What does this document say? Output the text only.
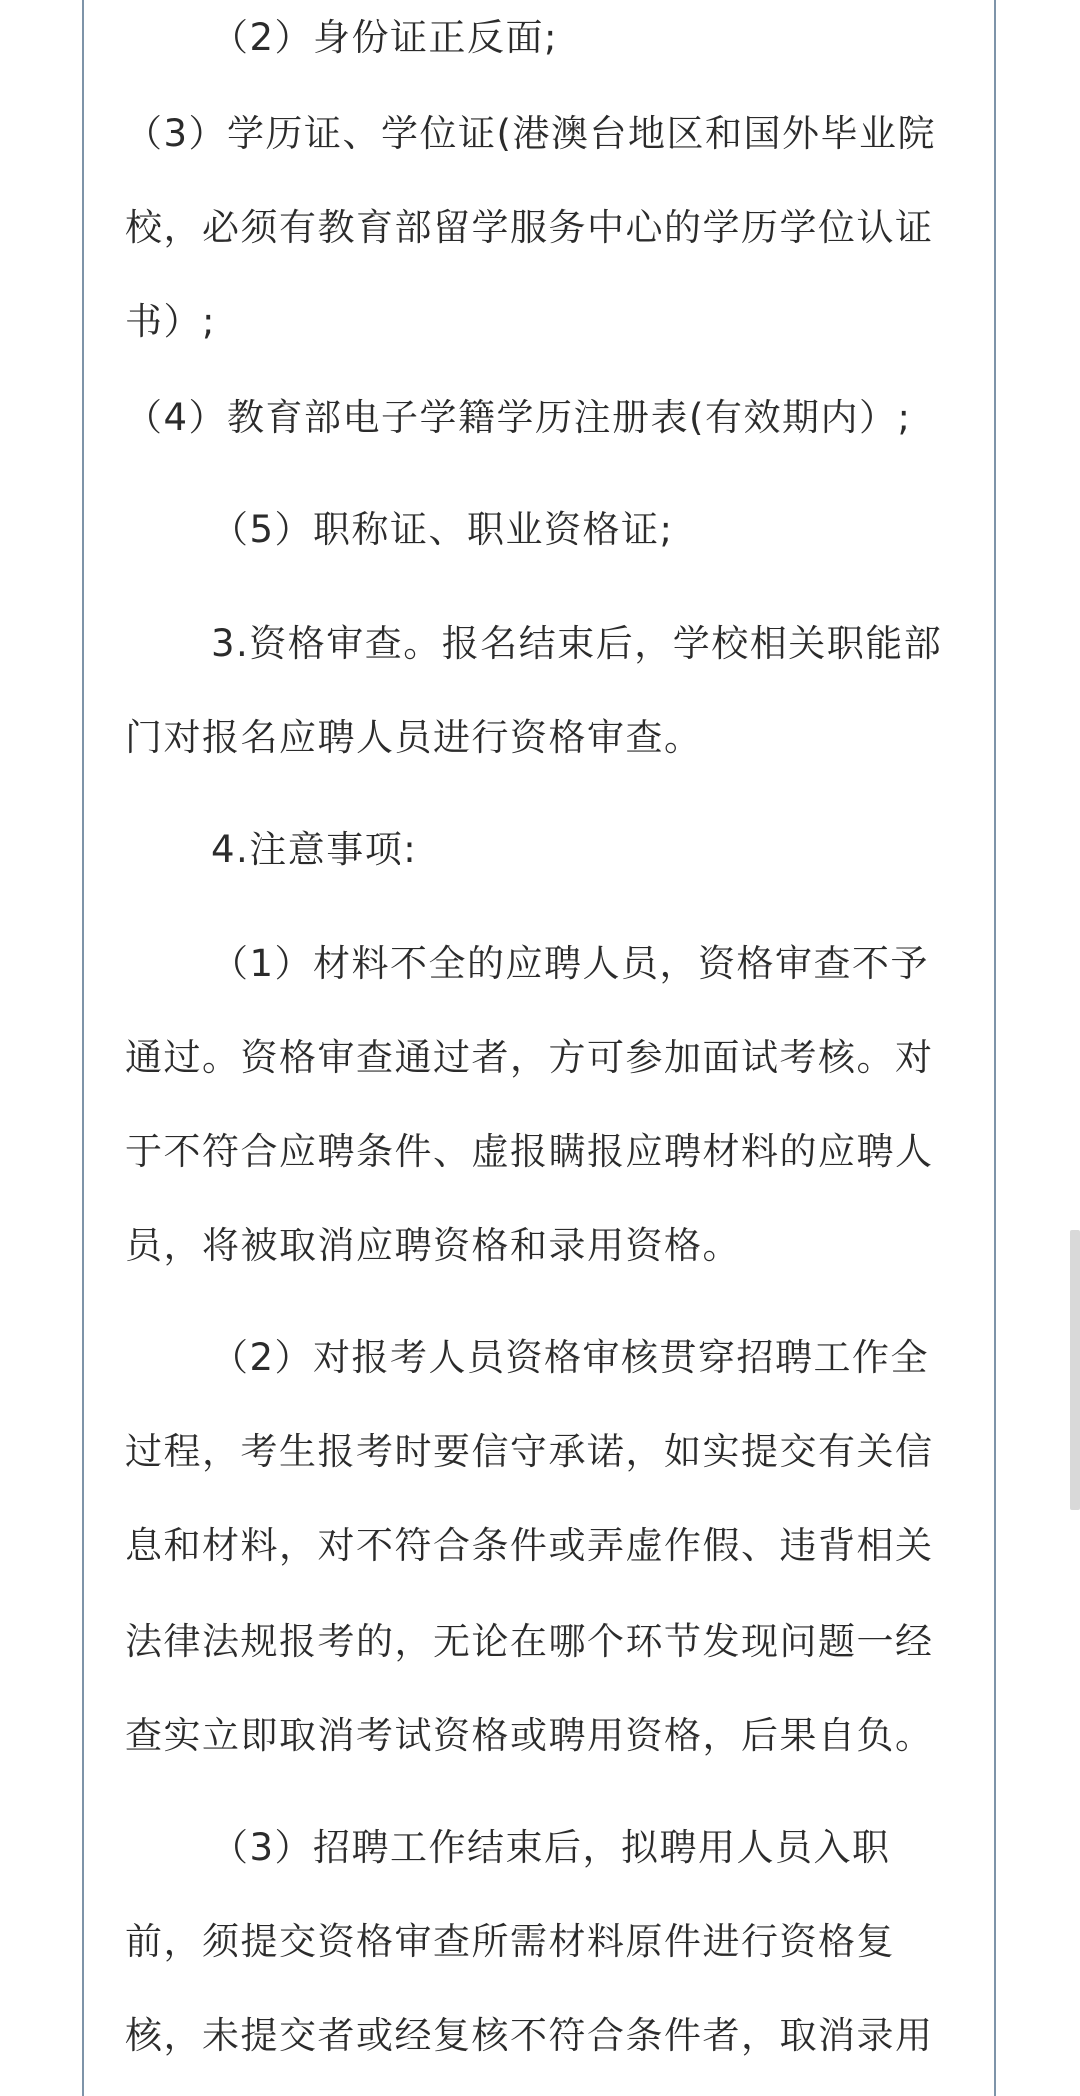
（2）身份证正反面;
（3）学历证、学位证(港澳台地区和国外毕业院
校，必须有教育部留学服务中心的学历学位认证
书）;
（4）教育部电子学籍学历注册表(有效期内）;
（5）职称证、职业资格证;
3.资格审查。报名结束后，学校相关职能部
门对报名应聘人员进行资格审查。
4.注意事项:
（1）材料不全的应聘人员，资格审查不予
通过。资格审查通过者，方可参加面试考核。对
于不符合应聘条件、虚报瞒报应聘材料的应聘人
员，将被取消应聘资格和录用资格。
（2）对报考人员资格审核贯穿招聘工作全
过程，考生报考时要信守承诺，如实提交有关信
息和材料，对不符合条件或弄虚作假、违背相关
法律法规报考的，无论在哪个环节发现问题一经
查实立即取消考试资格或聘用资格，后果自负。
（3）招聘工作结束后，拟聘用人员入职
前，须提交资格审查所需材料原件进行资格复
核，未提交者或经复核不符合条件者，取消录用
